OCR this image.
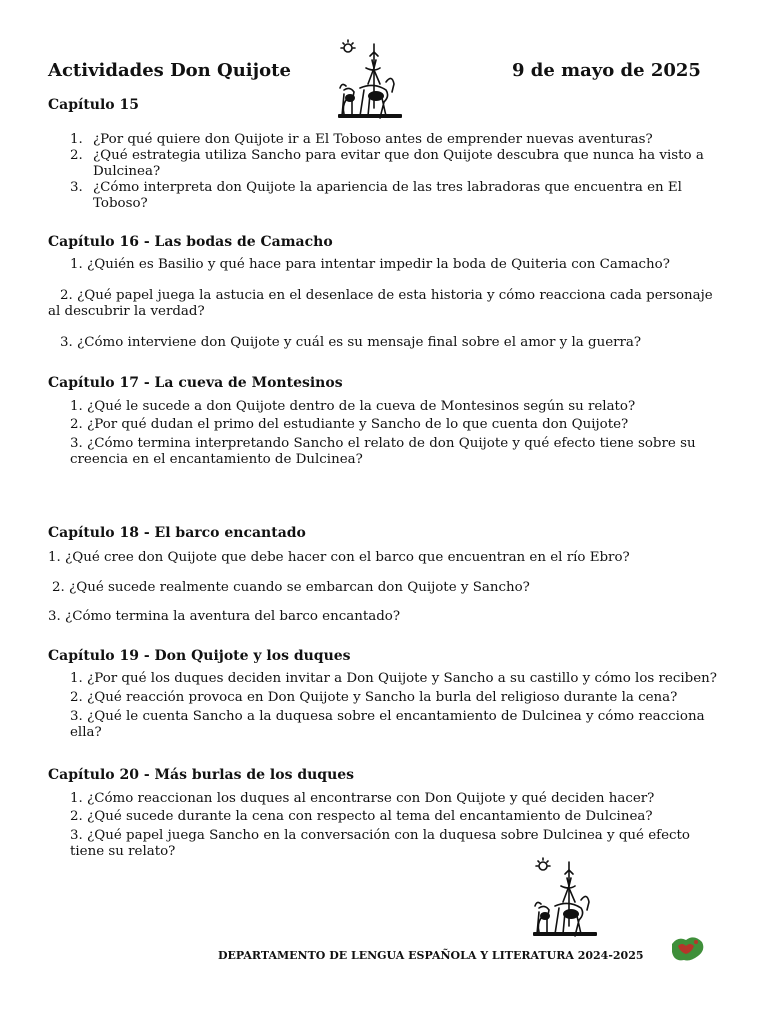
Actividades Don Quijote	9 de mayo de 2025
Capítulo 15
1. ¿Por qué quiere don Quijote ir a El Toboso antes de emprender nuevas aventuras?
2. ¿Qué estrategia utiliza Sancho para evitar que don Quijote descubra que nunca ha visto a Dulcinea?
3. ¿Cómo interpreta don Quijote la apariencia de las tres labradoras que encuentra en El Toboso?
Capítulo 16 - Las bodas de Camacho
1. ¿Quién es Basilio y qué hace para intentar impedir la boda de Quiteria con Camacho?
2. ¿Qué papel juega la astucia en el desenlace de esta historia y cómo reacciona cada personaje al descubrir la verdad?
3. ¿Cómo interviene don Quijote y cuál es su mensaje final sobre el amor y la guerra?
Capítulo 17 - La cueva de Montesinos
1. ¿Qué le sucede a don Quijote dentro de la cueva de Montesinos según su relato?
2. ¿Por qué dudan el primo del estudiante y Sancho de lo que cuenta don Quijote?
3. ¿Cómo termina interpretando Sancho el relato de don Quijote y qué efecto tiene sobre su creencia en el encantamiento de Dulcinea?
Capítulo 18 - El barco encantado
1. ¿Qué cree don Quijote que debe hacer con el barco que encuentran en el río Ebro?
2. ¿Qué sucede realmente cuando se embarcan don Quijote y Sancho?
3. ¿Cómo termina la aventura del barco encantado?
Capítulo 19 - Don Quijote y los duques
1. ¿Por qué los duques deciden invitar a Don Quijote y Sancho a su castillo y cómo los reciben?
2. ¿Qué reacción provoca en Don Quijote y Sancho la burla del religioso durante la cena?
3. ¿Qué le cuenta Sancho a la duquesa sobre el encantamiento de Dulcinea y cómo reacciona ella?
Capítulo 20 - Más burlas de los duques
1. ¿Cómo reaccionan los duques al encontrarse con Don Quijote y qué deciden hacer?
2. ¿Qué sucede durante la cena con respecto al tema del encantamiento de Dulcinea?
3. ¿Qué papel juega Sancho en la conversación con la duquesa sobre Dulcinea y qué efecto tiene su relato?
DEPARTAMENTO DE LENGUA ESPAÑOLA Y LITERATURA 2024-2025
